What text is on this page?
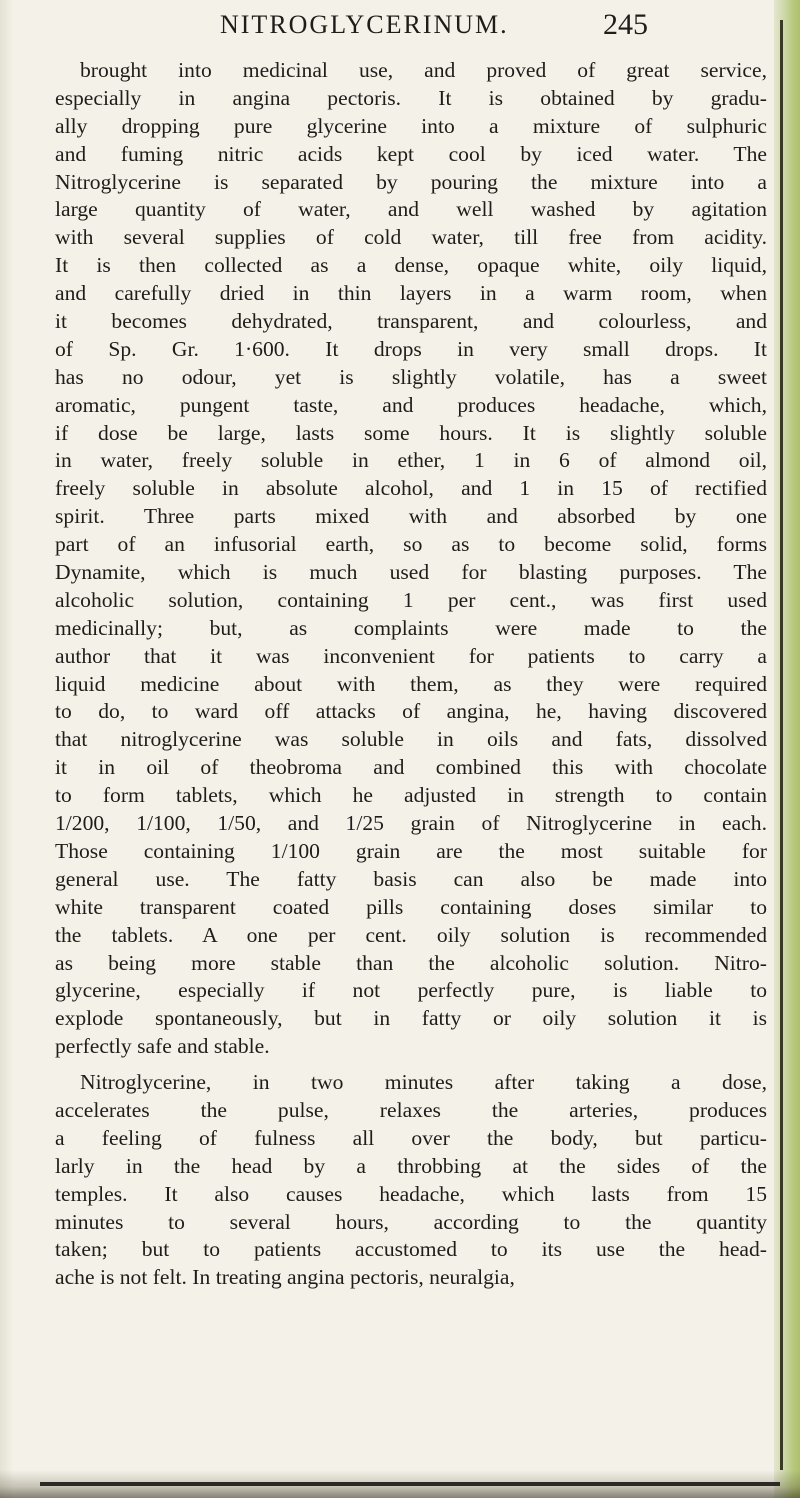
NITROGLYCERINUM.	245
brought into medicinal use, and proved of great service,
especially in angina pectoris. It is obtained by gradu-
ally dropping pure glycerine into a mixture of sulphuric
and fuming nitric acids kept cool by iced water. The
Nitroglycerine is separated by pouring the mixture into a
large quantity of water, and well washed by agitation
with several supplies of cold water, till free from acidity.
It is then collected as a dense, opaque white, oily liquid,
and carefully dried in thin layers in a warm room, when
it becomes dehydrated, transparent, and colourless, and
of Sp. Gr. 1·600. It drops in very small drops. It
has no odour, yet is slightly volatile, has a sweet
aromatic, pungent taste, and produces headache, which,
if dose be large, lasts some hours. It is slightly soluble
in water, freely soluble in ether, 1 in 6 of almond oil,
freely soluble in absolute alcohol, and 1 in 15 of rectified
spirit. Three parts mixed with and absorbed by one
part of an infusorial earth, so as to become solid, forms
Dynamite, which is much used for blasting purposes. The
alcoholic solution, containing 1 per cent., was first used
medicinally; but, as complaints were made to the
author that it was inconvenient for patients to carry a
liquid medicine about with them, as they were required
to do, to ward off attacks of angina, he, having discovered
that nitroglycerine was soluble in oils and fats, dissolved
it in oil of theobroma and combined this with chocolate
to form tablets, which he adjusted in strength to contain
1/200, 1/100, 1/50, and 1/25 grain of Nitroglycerine in each.
Those containing 1/100 grain are the most suitable for
general use. The fatty basis can also be made into
white transparent coated pills containing doses similar to
the tablets. A one per cent. oily solution is recommended
as being more stable than the alcoholic solution. Nitro-
glycerine, especially if not perfectly pure, is liable to
explode spontaneously, but in fatty or oily solution it is
perfectly safe and stable.
Nitroglycerine, in two minutes after taking a dose,
accelerates the pulse, relaxes the arteries, produces
a feeling of fulness all over the body, but particu-
larly in the head by a throbbing at the sides of the
temples. It also causes headache, which lasts from 15
minutes to several hours, according to the quantity
taken; but to patients accustomed to its use the head-
ache is not felt. In treating angina pectoris, neuralgia,
